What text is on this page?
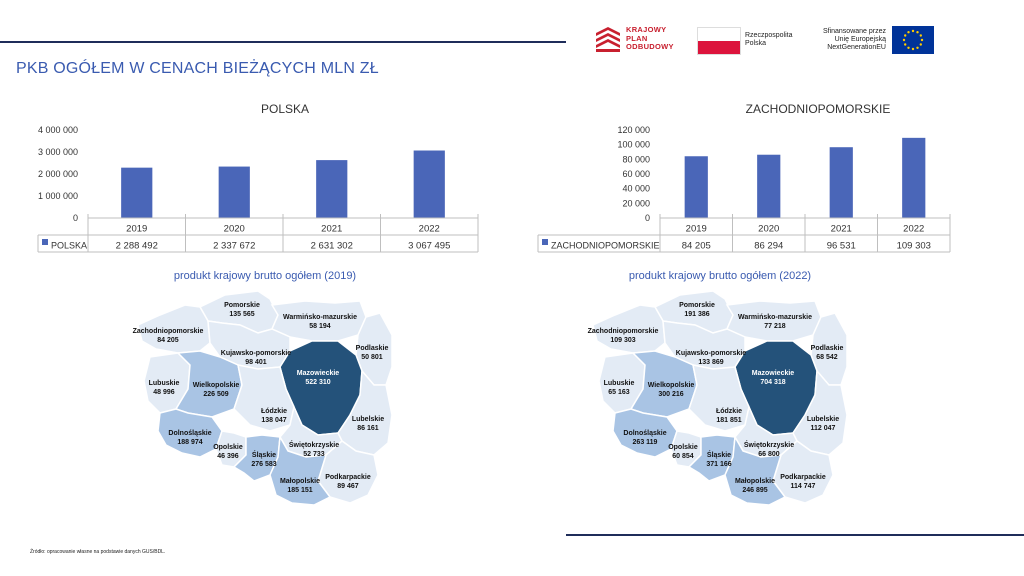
PKB OGÓŁEM W CENACH BIEŻĄCYCH MLN ZŁ
KRAJOWY
PLAN
ODBUDOWY
Rzeczpospolita
Polska
Sfinansowane przez
Unię Europejską
NextGenerationEU
POLSKA
0
1 000 000
2 000 000
3 000 000
4 000 000
2019
2 288 492
2020
2 337 672
2021
2 631 302
2022
3 067 495
POLSKA
ZACHODNIOPOMORSKIE
0
20 000
40 000
60 000
80 000
100 000
120 000
2019
84 205
2020
86 294
2021
96 531
2022
109 303
ZACHODNIOPOMORSKIE
produkt krajowy brutto ogółem (2019)	produkt krajowy brutto ogółem (2022)
Pomorskie
135 565	Warmińsko-mazurskie
58 194
Zachodniopomorskie
84 205
Podlaskie
50 801
Kujawsko-pomorskie
98 401
Mazowieckie
522 310
Lubuskie
48 996
Wielkopolskie
226 509
Łódzkie
138 047	Lubelskie
86 161
Dolnośląskie
188 974	Świętokrzyskie
52 733
Opolskie
46 396 Śląskie
276 583
Podkarpackie
89 467
Małopolskie
185 151
Pomorskie
191 386	Warmińsko-mazurskie
77 218
Zachodniopomorskie
109 303
Podlaskie
68 542
Kujawsko-pomorskie
133 869
Mazowieckie
704 318
Lubuskie
65 163
Wielkopolskie
300 216
Łódzkie
181 851	Lubelskie
112 047
Dolnośląskie
263 119	Świętokrzyskie
66 800
Opolskie
60 854 Śląskie
371 166
Podkarpackie
114 747
Małopolskie
246 895
Źródło: opracowanie własne na podstawie danych GUS/BDL.
